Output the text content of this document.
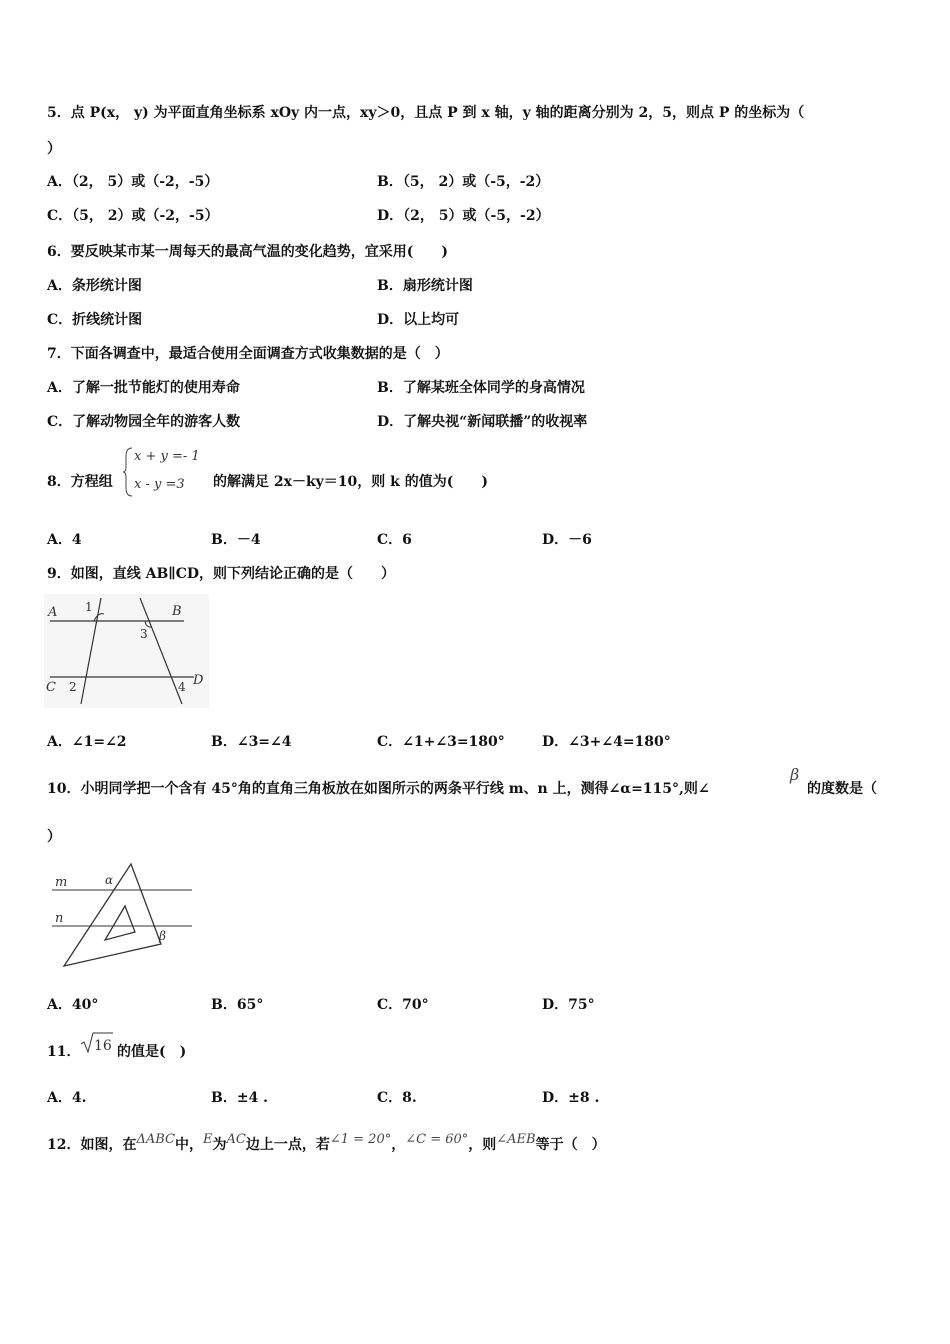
5．点 P(x， y) 为平面直角坐标系 xOy 内一点，xy＞0，且点 P 到 x 轴，y 轴的距离分别为 2，5，则点 P 的坐标为（
）
A．（2， 5）或（-2，-5）	B．（5， 2）或（-5，-2）
C．（5， 2）或（-2，-5）	D．（2， 5）或（-5，-2）
6．要反映某市某一周每天的最高气温的变化趋势，宜采用(　　)
A．条形统计图	B．扇形统计图
C．折线统计图	D．以上均可
7．下面各调查中，最适合使用全面调查方式收集数据的是（　）
A．了解一批节能灯的使用寿命	B．了解某班全体同学的身高情况
C．了解动物园全年的游客人数	D．了解央视“新闻联播”的收视率
8．方程组
x + y =- 1
x - y =3 的解满足 2x－ky＝10，则 k 的值为(　　)
A．4	B．－4	C．6	D．－6
9．如图，直线 AB∥CD，则下列结论正确的是（　　）
A	B
C	D
1
2
3
4
A．∠1=∠2	B．∠3=∠4	C．∠1+∠3=180°	D．∠3+∠4=180°
10．小明同学把一个含有 45°角的直角三角板放在如图所示的两条平行线 m、n 上，测得∠α=115°,则∠
β
的度数是（
）
m
n
α
β
A．40°	B．65°	C．70°	D．75°
11． 16 的值是(　)
A．4.	B．±4 .	C．8.	D．±8 .
12．如图，在 ΔABC 中， E 为 AC 边上一点，若 ∠1 = 20° ， ∠C = 60° ，则 ∠AEB 等于（　）
